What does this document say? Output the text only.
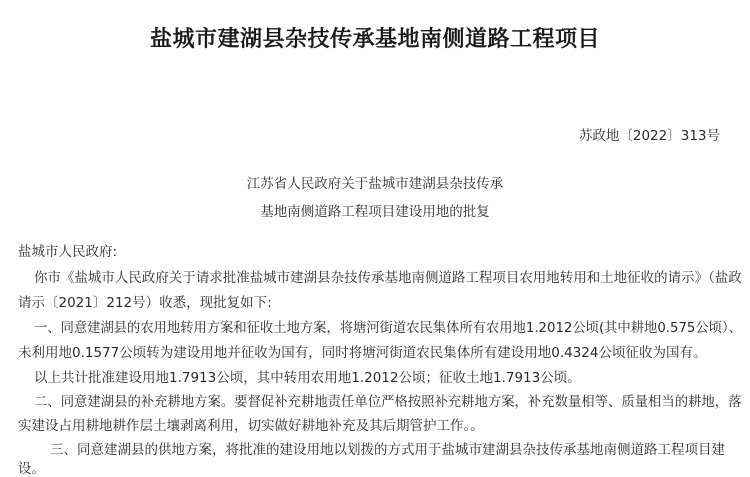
盐城市建湖县杂技传承基地南侧道路工程项目
苏政地〔2022〕313号
江苏省人民政府关于盐城市建湖县杂技传承
基地南侧道路工程项目建设用地的批复
盐城市人民政府:
你市《盐城市人民政府关于请求批准盐城市建湖县杂技传承基地南侧道路工程项目农用地转用和土地征收的请示》（盐政
请示〔2021〕212号）收悉，现批复如下:
一、同意建湖县的农用地转用方案和征收土地方案，将塘河街道农民集体所有农用地1.2012公顷(其中耕地0.575公顷）、
未利用地0.1577公顷转为建设用地并征收为国有，同时将塘河街道农民集体所有建设用地0.4324公顷征收为国有。
以上共计批准建设用地1.7913公顷，其中转用农用地1.2012公顷；征收土地1.7913公顷。
二、同意建湖县的补充耕地方案。要督促补充耕地责任单位严格按照补充耕地方案，补充数量相等、质量相当的耕地，落
实建设占用耕地耕作层土壤剥离利用，切实做好耕地补充及其后期管护工作。。
三、同意建湖县的供地方案，将批准的建设用地以划拨的方式用于盐城市建湖县杂技传承基地南侧道路工程项目建
设。
